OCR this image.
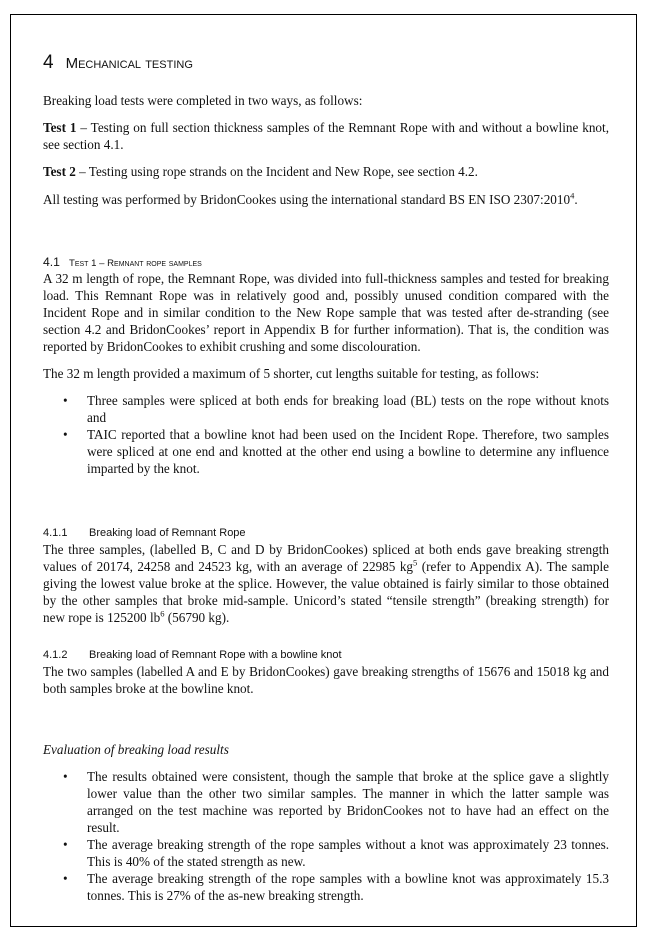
4 Mechanical testing

Breaking load tests were completed in two ways, as follows:

Test 1 – Testing on full section thickness samples of the Remnant Rope with and without a bowline knot, see section 4.1.

Test 2 – Testing using rope strands on the Incident and New Rope, see section 4.2.

All testing was performed by BridonCookes using the international standard BS EN ISO 2307:2010$^4$.

4.1 Test 1 – Remnant rope samples

A 32 m length of rope, the Remnant Rope, was divided into full-thickness samples and tested for breaking load. This Remnant Rope was in relatively good and, possibly unused condition compared with the Incident Rope and in similar condition to the New Rope sample that was tested after de-stranding (see section 4.2 and BridonCookes’ report in Appendix B for further information). That is, the condition was reported by BridonCookes to exhibit crushing and some discolouration.

The 32 m length provided a maximum of 5 shorter, cut lengths suitable for testing, as follows:

• Three samples were spliced at both ends for breaking load (BL) tests on the rope without knots and
• TAIC reported that a bowline knot had been used on the Incident Rope. Therefore, two samples were spliced at one end and knotted at the other end using a bowline to determine any influence imparted by the knot.
4.1.1 Breaking load of Remnant Rope

The three samples, (labelled B, C and D by BridonCookes) spliced at both ends gave breaking strength values of 20174, 24258 and 24523 kg, with an average of 22985 $kg^5$ (refer to Appendix A). The sample giving the lowest value broke at the splice. However, the value obtained is fairly similar to those obtained by the other samples that broke mid-sample. Unicord’s stated “tensile strength” (breaking strength) for new rope is 125200 $lb^6$ (56790 kg).

4.1.2 Breaking load of Remnant Rope with a bowline knot

The two samples (labelled A and E by BridonCookes) gave breaking strengths of 15676 and 15018 kg and both samples broke at the bowline knot.

Evaluation of breaking load results

• The results obtained were consistent, though the sample that broke at the splice gave a slightly lower value than the other two similar samples. The manner in which the latter sample was arranged on the test machine was reported by BridonCookes not to have had an effect on the result.
• The average breaking strength of the rope samples without a knot was approximately 23 tonnes. This is 40% of the stated strength as new.
• The average breaking strength of the rope samples with a bowline knot was approximately 15.3 tonnes. This is 27% of the as-new breaking strength.
